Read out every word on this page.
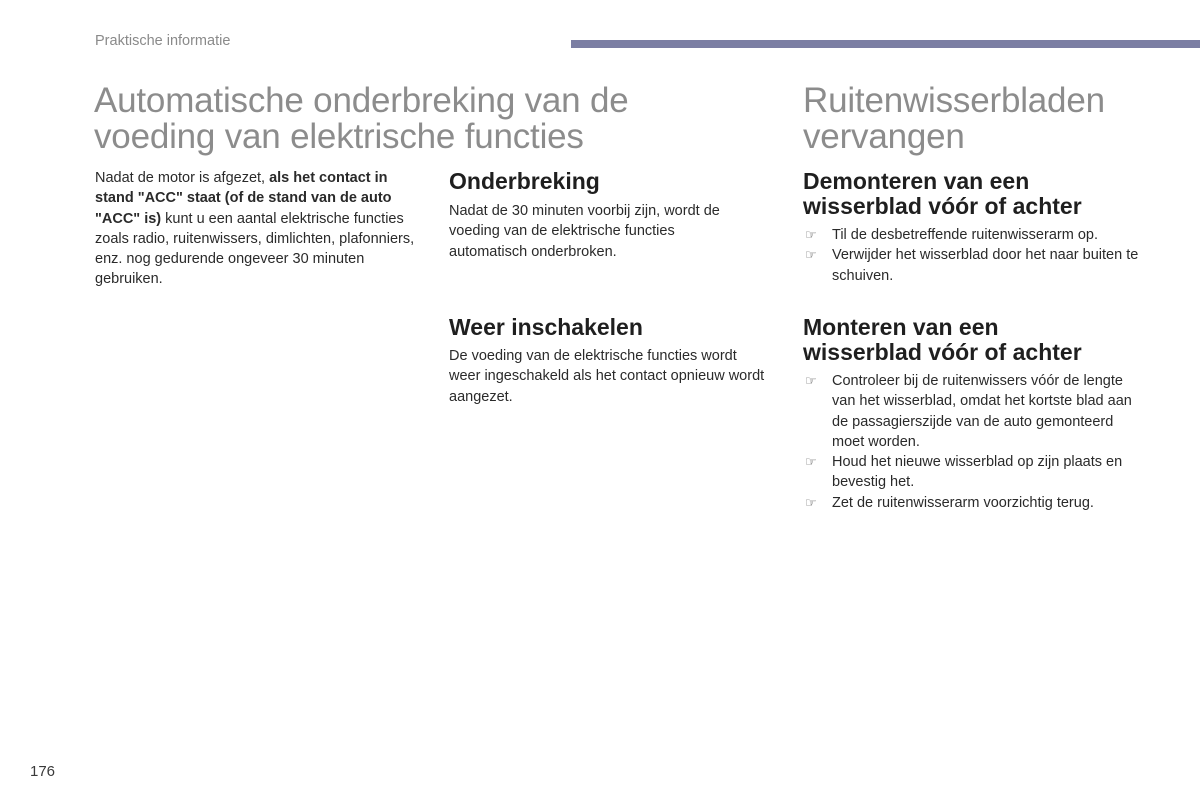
Praktische informatie
Automatische onderbreking van de
voeding van elektrische functies

Nadat de motor is afgezet, als het contact in stand "ACC" staat (of de stand van de auto "ACC" is) kunt u een aantal elektrische functies zoals radio, ruitenwissers, dimlichten, plafonniers, enz. nog gedurende ongeveer 30 minuten gebruiken.

Onderbreking

Nadat de 30 minuten voorbij zijn, wordt de voeding van de elektrische functies automatisch onderbroken.

Weer inschakelen

De voeding van de elektrische functies wordt weer ingeschakeld als het contact opnieuw wordt aangezet.

Ruitenwisserbladen
vervangen
Demonteren van een
wisserblad vóór of achter
☞ Til de desbetreffende ruitenwisserarm op.
☞ Verwijder het wisserblad door het naar buiten te schuiven.
Monteren van een
wisserblad vóór of achter
☞ Controleer bij de ruitenwissers vóór de lengte van het wisserblad, omdat het kortste blad aan de passagierszijde van de auto gemonteerd moet worden.
☞ Houd het nieuwe wisserblad op zijn plaats en bevestig het.
☞ Zet de ruitenwisserarm voorzichtig terug.
176
